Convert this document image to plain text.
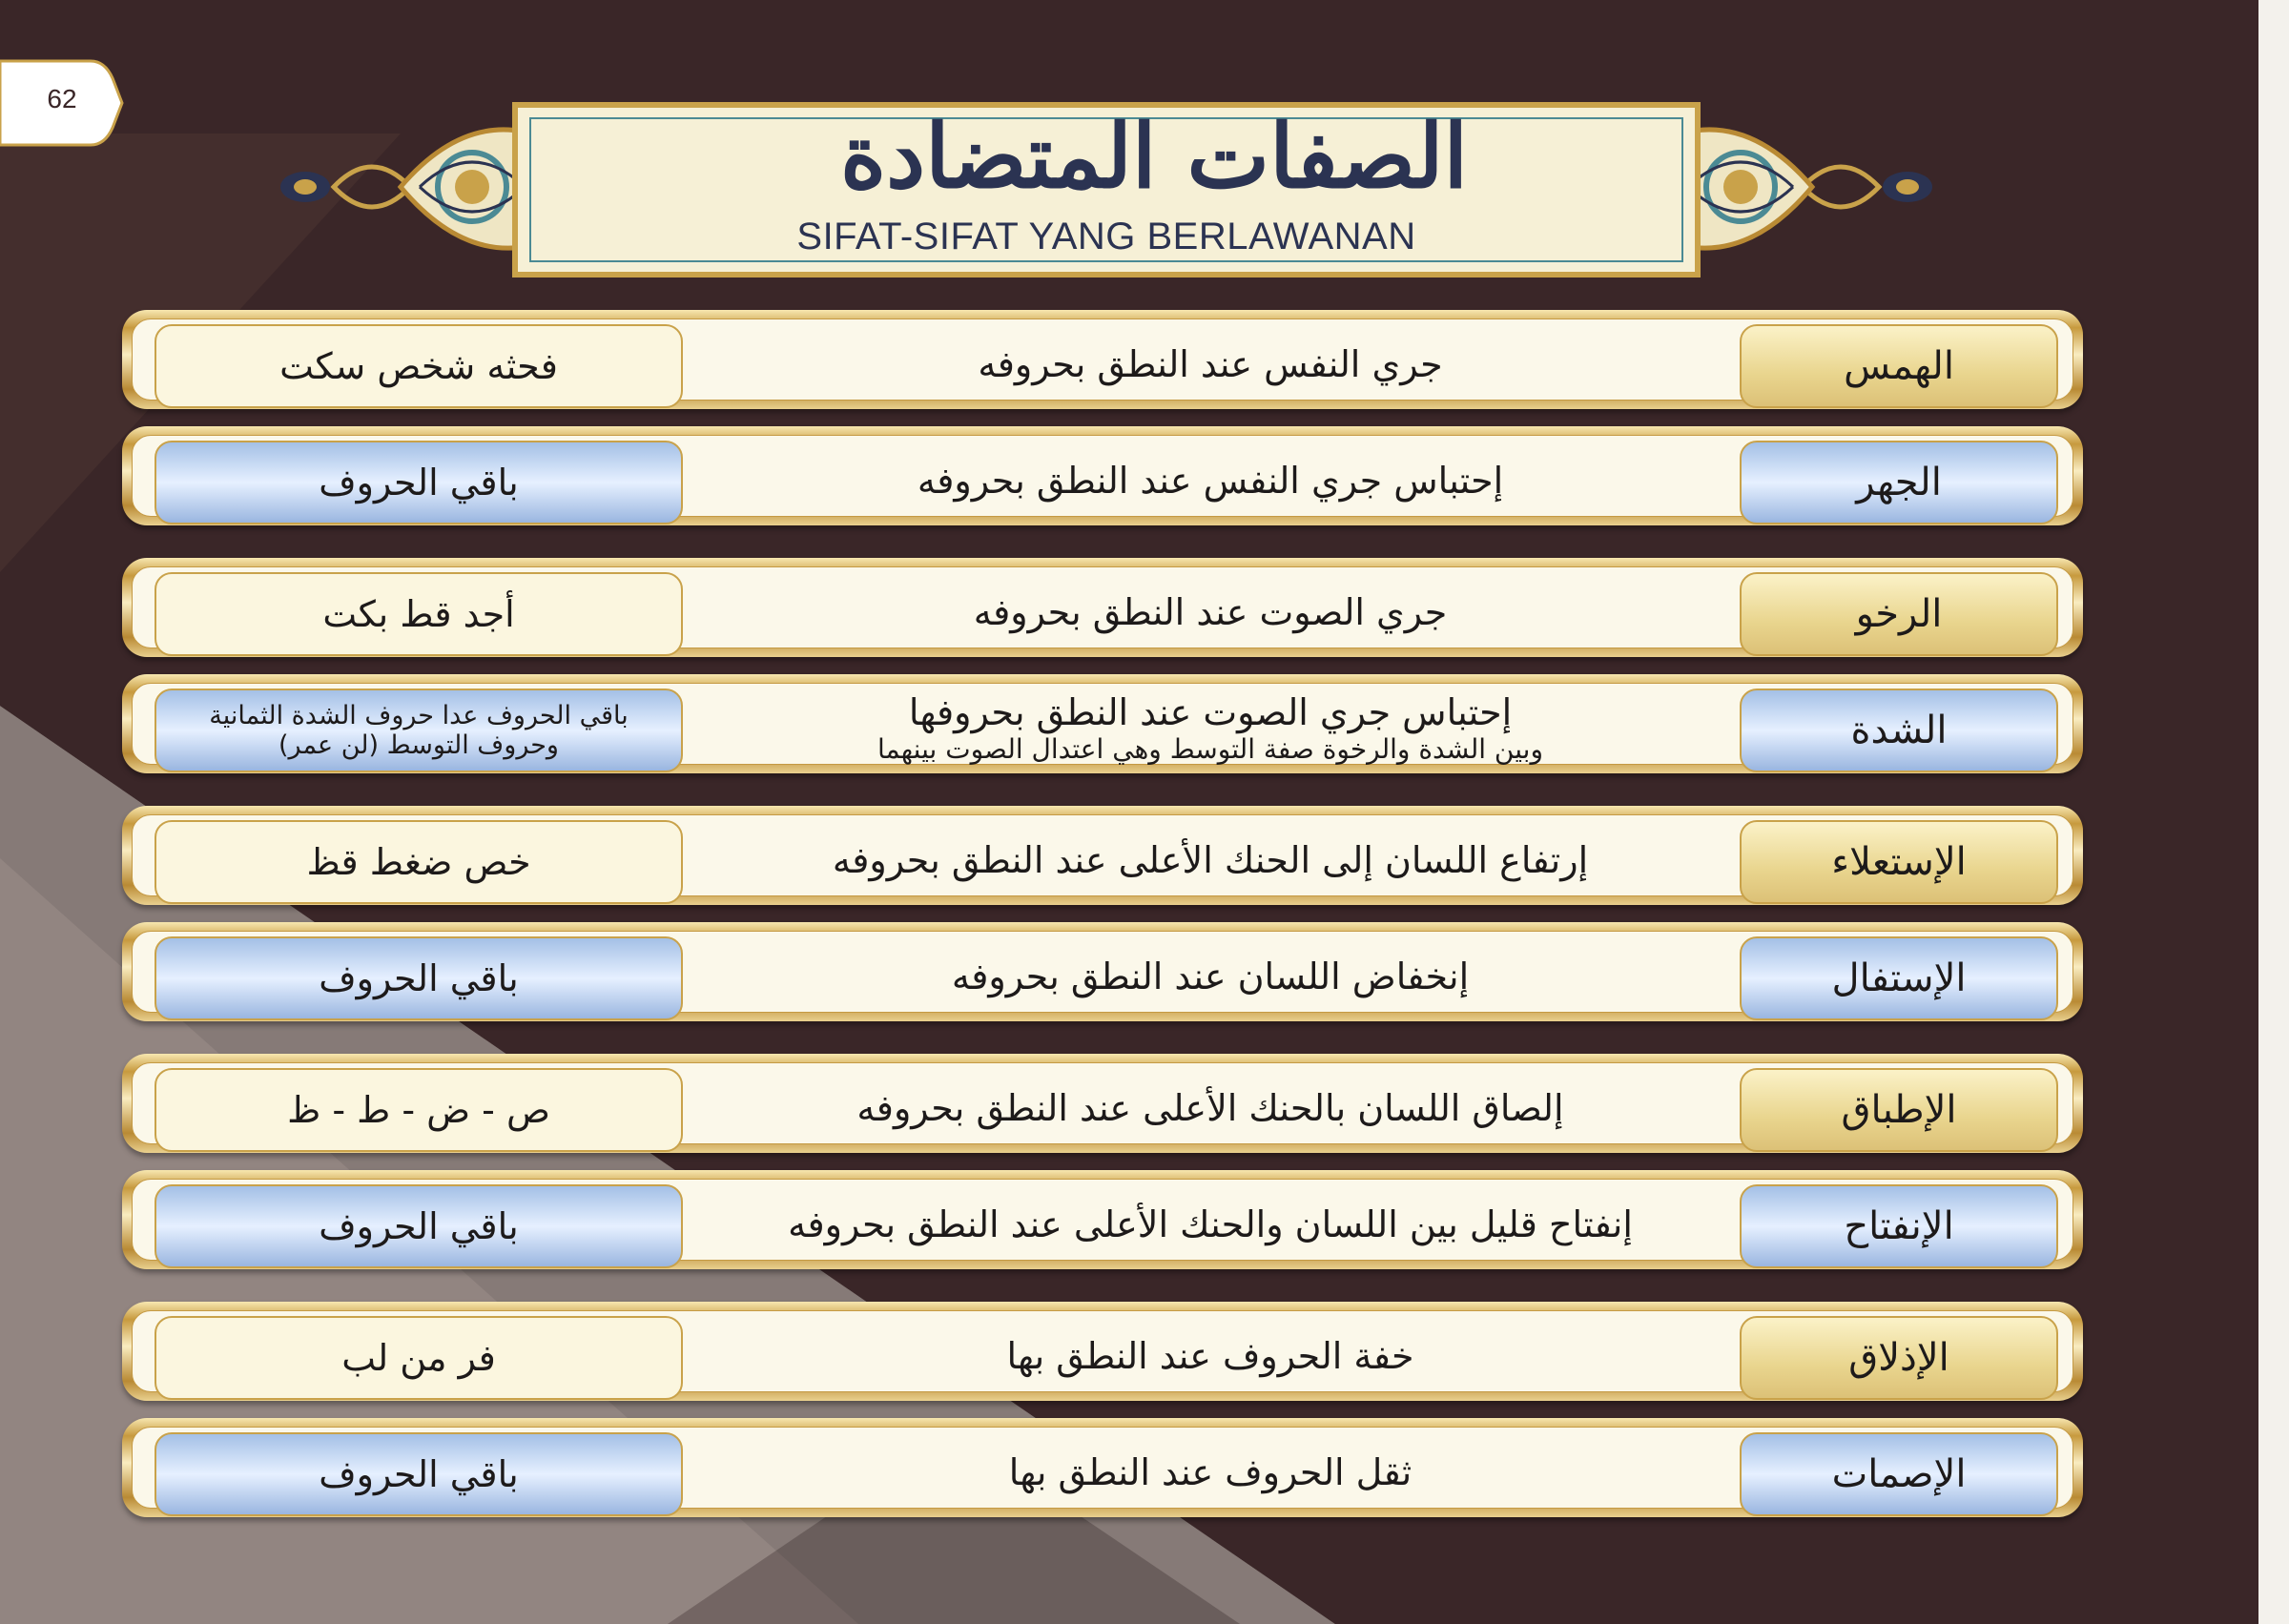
62
الصفات المتضادة
SIFAT-SIFAT YANG BERLAWANAN
الهمس
جري النفس عند النطق بحروفه
فحثه شخص سكت
الجهر
إحتباس جري النفس عند النطق بحروفه
باقي الحروف
الرخو
جري الصوت عند النطق بحروفه
أجد قط بكت
الشدة
إحتباس جري الصوت عند النطق بحروفها
وبين الشدة والرخوة صفة التوسط وهي اعتدال الصوت بينهما
باقي الحروف عدا حروف الشدة الثمانية
وحروف التوسط (لن عمر)
الإستعلاء
إرتفاع اللسان إلى الحنك الأعلى عند النطق بحروفه
خص ضغط قظ
الإستفال
إنخفاض اللسان عند النطق بحروفه
باقي الحروف
الإطباق
إلصاق اللسان بالحنك الأعلى عند النطق بحروفه
ص - ض - ط - ظ
الإنفتاح
إنفتاح قليل بين اللسان والحنك الأعلى عند النطق بحروفه
باقي الحروف
الإذلاق
خفة الحروف عند النطق بها
فر من لب
الإصمات
ثقل الحروف عند النطق بها
باقي الحروف
